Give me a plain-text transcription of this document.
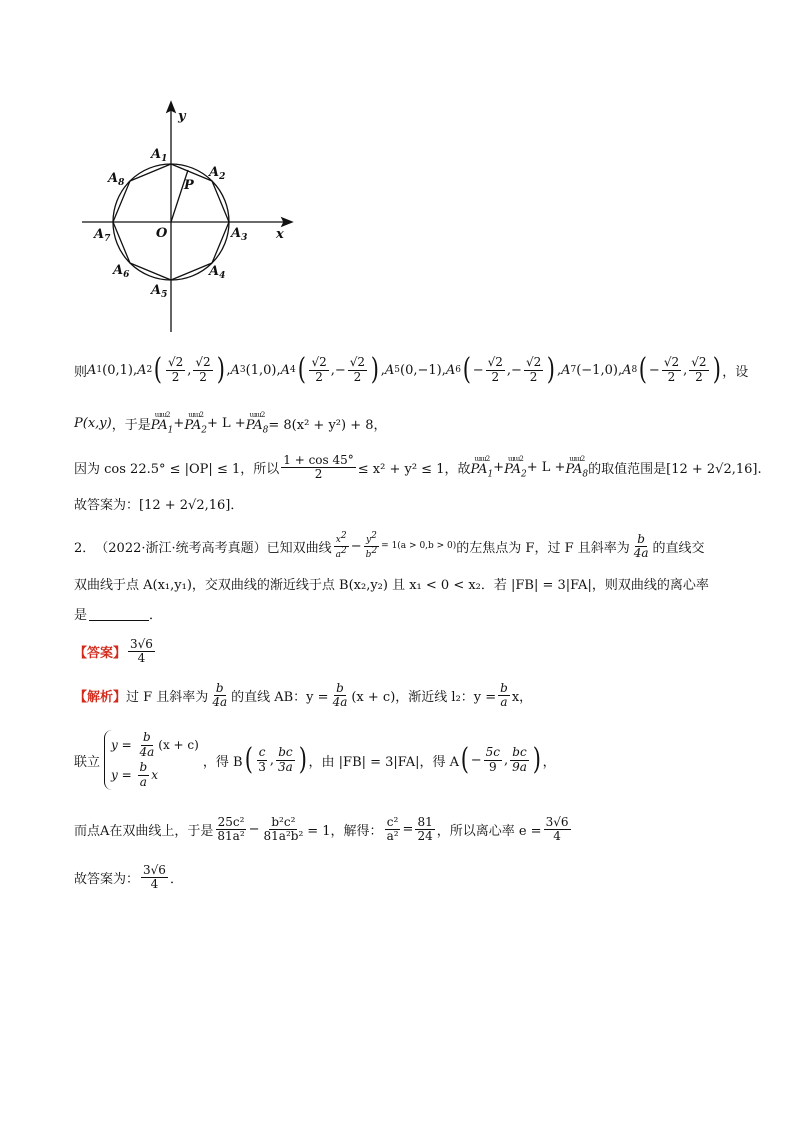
y
x
O
P
$A_1$
$A_2$
$A_3$
$A_4$
$A_5$
$A_6$
$A_7$
$A_8$
则 A 1 (0,1) , A 2 ( $\frac{√2}{2}$ , $\frac{√2}{2}$ ) , A 3 (1,0) , A 4 ( $\frac{√2}{2}$ ,− $\frac{√2}{2}$ ) , A 5 (0,−1) , A 6 ( − $\frac{√2}{2}$ ,− $\frac{√2}{2}$ ) , A 7 (−1,0) , A 8 ( − $\frac{√2}{2}$ , $\frac{√2}{2}$ ) ，设
P(x,y) ，于是
ɯɯ2
$PA_1$ +
ɯɯ2
$PA_2 + L$ +
ɯɯ2
$PA_8 = 8(x^2 + y^2) + 8$，
因为 cos 22.5° ≤ |OP| ≤ 1，所以 $\frac{1 + \cos 45^\circ}{2} \le x^2 + y^2 \le 1$，故
ɯɯ2
$PA_1$ +
ɯɯ2
$PA_2 + L$ +
ɯɯ2
$PA_8$ 的取值范围是[12 + 2√2,16].
故答案为：[12 + 2√2,16]．
2． （2022·浙江·统考高考真题） 已知双曲线 $\frac{x^2}{a^2} - \frac{y^2}{b^2} = 1(a > 0,b > 0)$ 的左焦点为 F，过 F 且斜率为 $\frac{b}{4a}$ 的直线交
双曲线于点 A(x₁,y₁)，交双曲线的渐近线于点 B(x₂,y₂) 且 x₁ < 0 < x₂．若 |FB| = 3|FA|，则双曲线的离心率
是	．
【答案】 $\frac{3√6}{4}$
【解析】 过 F 且斜率为 $\frac{b}{4a}$ 的直线 AB：$y = \frac{b}{4a} (x + c)$，渐近线 l₂：$y = \frac{b}{a}$ x，
联立
$y = \frac{b}{4a} (x + c)$
y =
$\frac{b}{a}$ x
，得 B ( $\frac{c}{3}$ , $\frac{bc}{3a}$ ) ，由 |FB| = 3|FA|，得 A ( − $\frac{5c}{9}$ , $\frac{bc}{9a}$ ) ，
而点A在双曲线上，于是 $\frac{\text{25c²}}{\text{81a²}} - \frac{\text{b²c²}}{\text{81a²b²}} = 1$，解得： $\frac{\text{c²}}{\text{a²}} = \frac{81}{24}$ ，所以离心率 $e = \frac{3√6}{4}$
故答案为： $\frac{3√6}{4}$ ．
